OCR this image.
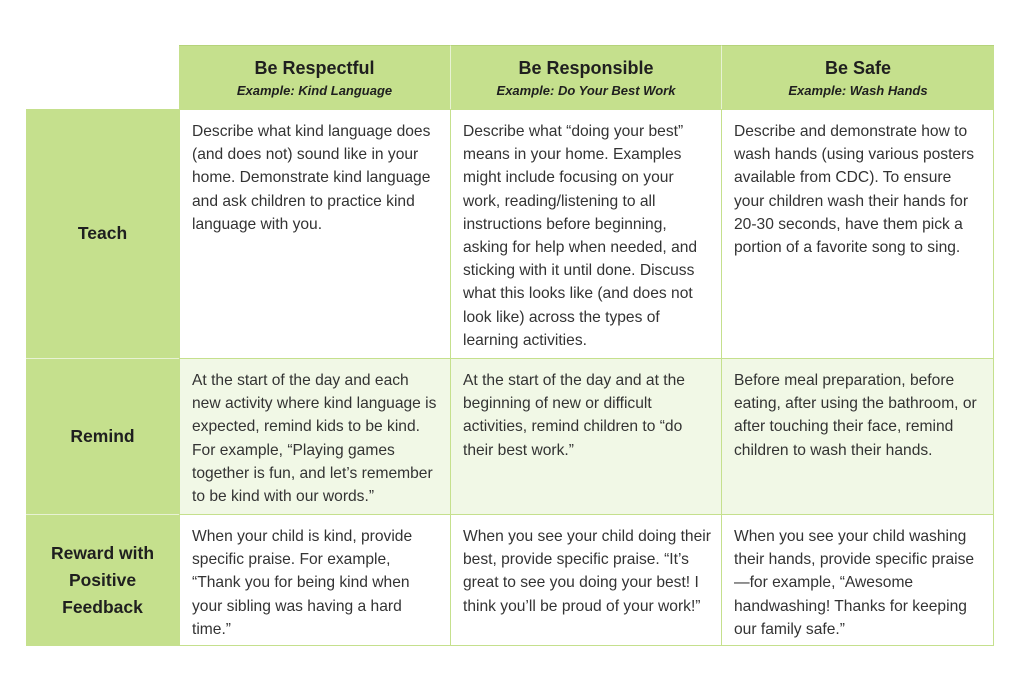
Be Respectful
Example: Kind Language
Be Responsible
Example: Do Your Best Work
Be Safe
Example: Wash Hands
Teach
Describe what kind language does (and does not) sound like in your home. Demonstrate kind language and ask children to practice kind language with you.
Describe what “doing your best” means in your home. Examples might include focusing on your work, reading/listening to all instructions before beginning, asking for help when needed, and sticking with it until done. Discuss what this looks like (and does not look like) across the types of learning activities.
Describe and demonstrate how to wash hands (using various posters available from CDC). To ensure your children wash their hands for 20-30 seconds, have them pick a portion of a favorite song to sing.
Remind
At the start of the day and each new activity where kind language is expected, remind kids to be kind. For example, “Playing games together is fun, and let’s remember to be kind with our words.”
At the start of the day and at the beginning of new or difficult activities, remind children to “do their best work.”
Before meal preparation, before eating, after using the bathroom, or after touching their face, remind children to wash their hands.
Reward with Positive Feedback
When your child is kind, provide specific praise. For example, “Thank you for being kind when your sibling was having a hard time.”
When you see your child doing their best, provide specific praise. “It’s great to see you doing your best! I think you’ll be proud of your work!”
When you see your child washing their hands, provide specific praise—for example, “Awesome handwashing! Thanks for keeping our family safe.”
